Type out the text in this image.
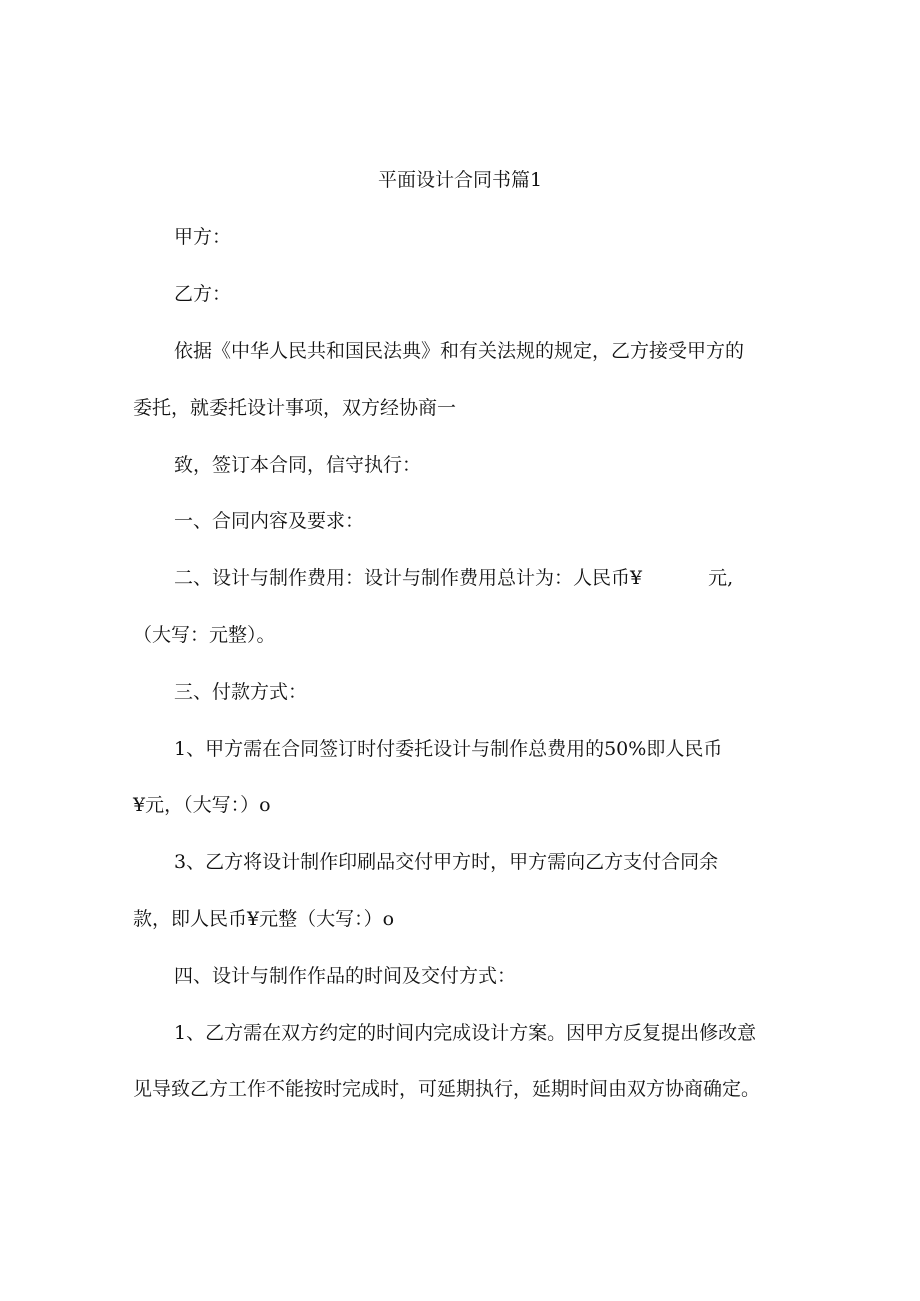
平面设计合同书篇1
甲方：
乙方：
依据《中华人民共和国民法典》和有关法规的规定，乙方接受甲方的
委托，就委托设计事项，双方经协商一
致，签订本合同，信守执行：
一、合同内容及要求：
二、设计与制作费用：设计与制作费用总计为：人民币¥	元,
（大写：元整）。
三、付款方式：
1、甲方需在合同签订时付委托设计与制作总费用的50%即人民币
¥元，（大写：）o
3、乙方将设计制作印刷品交付甲方时，甲方需向乙方支付合同余
款，即人民币¥元整（大写：）o
四、设计与制作作品的时间及交付方式：
1、乙方需在双方约定的时间内完成设计方案。因甲方反复提出修改意
见导致乙方工作不能按时完成时，可延期执行，延期时间由双方协商确定。
